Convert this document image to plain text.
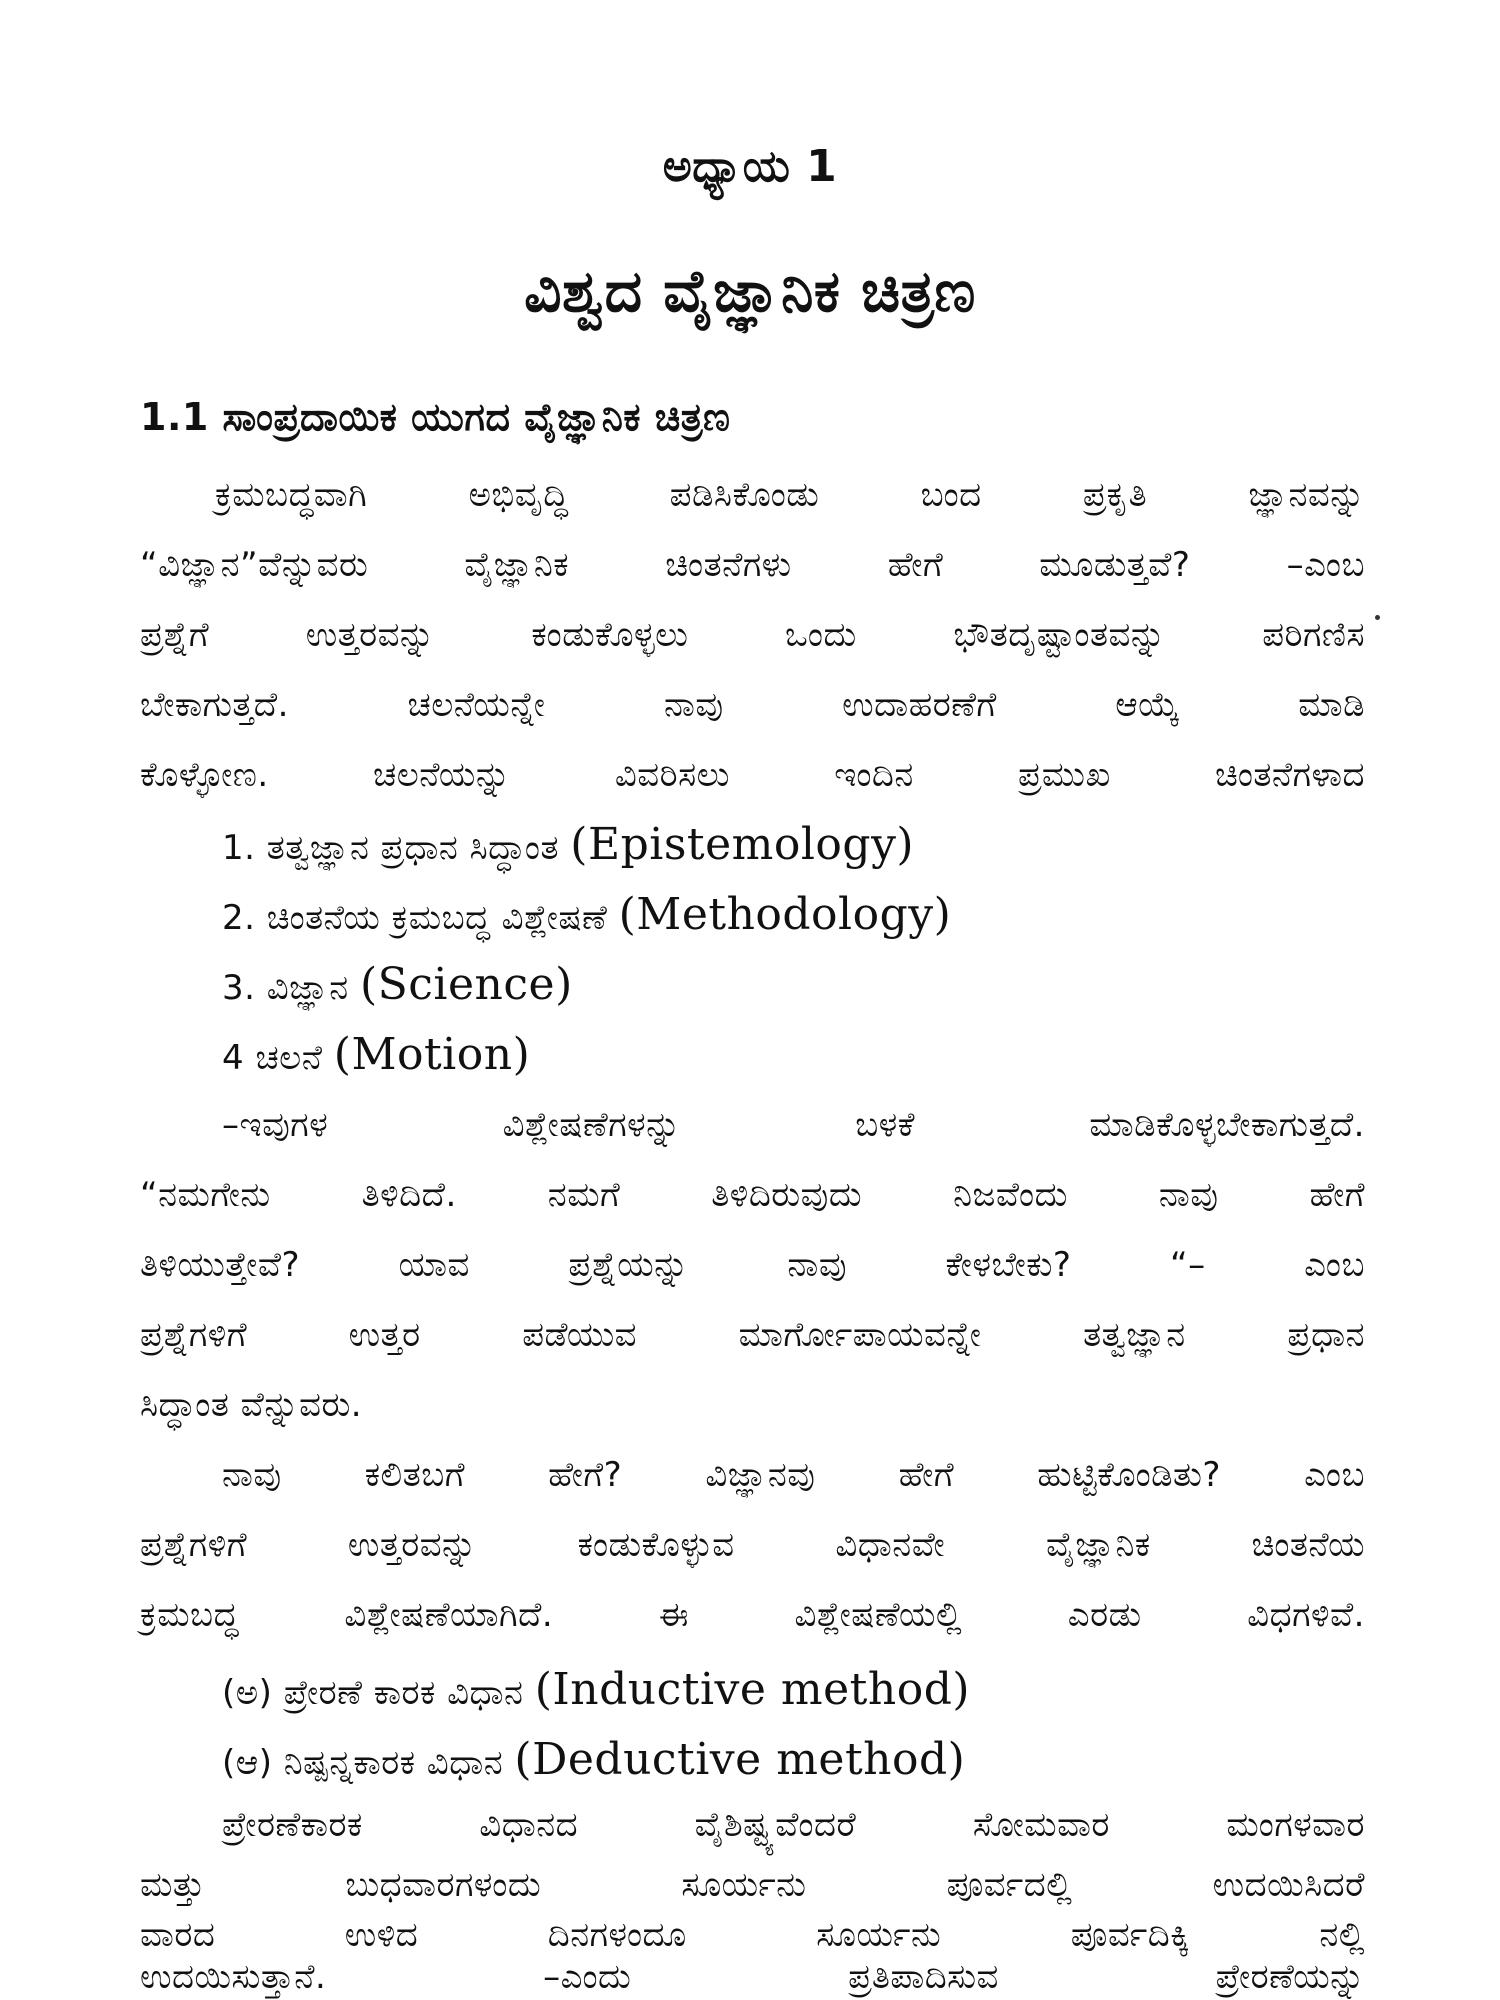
ಅಧ್ಯಾಯ 1
ವಿಶ್ವದ ವೈಜ್ಞಾನಿಕ ಚಿತ್ರಣ
1.1 ಸಾಂಪ್ರದಾಯಿಕ ಯುಗದ ವೈಜ್ಞಾನಿಕ ಚಿತ್ರಣ
ಕ್ರಮಬದ್ಧವಾಗಿ ಅಭಿವೃದ್ಧಿ ಪಡಿಸಿಕೊಂಡು ಬಂದ ಪ್ರಕೃತಿ ಜ್ಞಾನವನ್ನು
“ವಿಜ್ಞಾನ”ವೆನ್ನುವರು ವೈಜ್ಞಾನಿಕ ಚಿಂತನೆಗಳು ಹೇಗೆ ಮೂಡುತ್ತವೆ? –ಎಂಬ
ಪ್ರಶ್ನೆಗೆ ಉತ್ತರವನ್ನು ಕಂಡುಕೊಳ್ಳಲು ಒಂದು ಭೌತದೃಷ್ಟಾಂತವನ್ನು ಪರಿಗಣಿಸ
ಬೇಕಾಗುತ್ತದೆ. ಚಲನೆಯನ್ನೇ ನಾವು ಉದಾಹರಣೆಗೆ ಆಯ್ಕೆ ಮಾಡಿ
ಕೊಳ್ಳೋಣ. ಚಲನೆಯನ್ನು ವಿವರಿಸಲು ಇಂದಿನ ಪ್ರಮುಖ ಚಿಂತನೆಗಳಾದ
1. ತತ್ವಜ್ಞಾನ ಪ್ರಧಾನ ಸಿದ್ಧಾಂತ (Epistemology)
2. ಚಿಂತನೆಯ ಕ್ರಮಬದ್ಧ ವಿಶ್ಲೇಷಣೆ (Methodology)
3. ವಿಜ್ಞಾನ (Science)
4 ಚಲನೆ (Motion)
–ಇವುಗಳ ವಿಶ್ಲೇಷಣೆಗಳನ್ನು ಬಳಕೆ ಮಾಡಿಕೊಳ್ಳಬೇಕಾಗುತ್ತದೆ.
“ನಮಗೇನು ತಿಳಿದಿದೆ. ನಮಗೆ ತಿಳಿದಿರುವುದು ನಿಜವೆಂದು ನಾವು ಹೇಗೆ
ತಿಳಿಯುತ್ತೇವೆ? ಯಾವ ಪ್ರಶ್ನೆಯನ್ನು ನಾವು ಕೇಳಬೇಕು? “– ಎಂಬ
ಪ್ರಶ್ನೆಗಳಿಗೆ ಉತ್ತರ ಪಡೆಯುವ ಮಾರ್ಗೋಪಾಯವನ್ನೇ ತತ್ವಜ್ಞಾನ ಪ್ರಧಾನ
ಸಿದ್ಧಾಂತ ವೆನ್ನುವರು.
ನಾವು ಕಲಿತಬಗೆ ಹೇಗೆ? ವಿಜ್ಞಾನವು ಹೇಗೆ ಹುಟ್ಟಿಕೊಂಡಿತು? ಎಂಬ
ಪ್ರಶ್ನೆಗಳಿಗೆ ಉತ್ತರವನ್ನು ಕಂಡುಕೊಳ್ಳುವ ವಿಧಾನವೇ ವೈಜ್ಞಾನಿಕ ಚಿಂತನೆಯ
ಕ್ರಮಬದ್ಧ ವಿಶ್ಲೇಷಣೆಯಾಗಿದೆ. ಈ ವಿಶ್ಲೇಷಣೆಯಲ್ಲಿ ಎರಡು ವಿಧಗಳಿವೆ.
(ಅ) ಪ್ರೇರಣೆ ಕಾರಕ ವಿಧಾನ (Inductive method)
(ಆ) ನಿಷ್ಪನ್ನಕಾರಕ ವಿಧಾನ (Deductive method)
ಪ್ರೇರಣೆಕಾರಕ ವಿಧಾನದ ವೈಶಿಷ್ಟ್ಯವೆಂದರೆ ಸೋಮವಾರ ಮಂಗಳವಾರ
ಮತ್ತು ಬುಧವಾರಗಳಂದು ಸೂರ್ಯನು ಪೂರ್ವದಲ್ಲಿ ಉದಯಿಸಿದರೆ
ವಾರದ ಉಳಿದ ದಿನಗಳಂದೂ ಸೂರ್ಯನು ಪೂರ್ವದಿಕ್ಕಿ ನಲ್ಲಿ
ಉದಯಿಸುತ್ತಾನೆ. –ಎಂದು ಪ್ರತಿಪಾದಿಸುವ ಪ್ರೇರಣೆಯನ್ನು
